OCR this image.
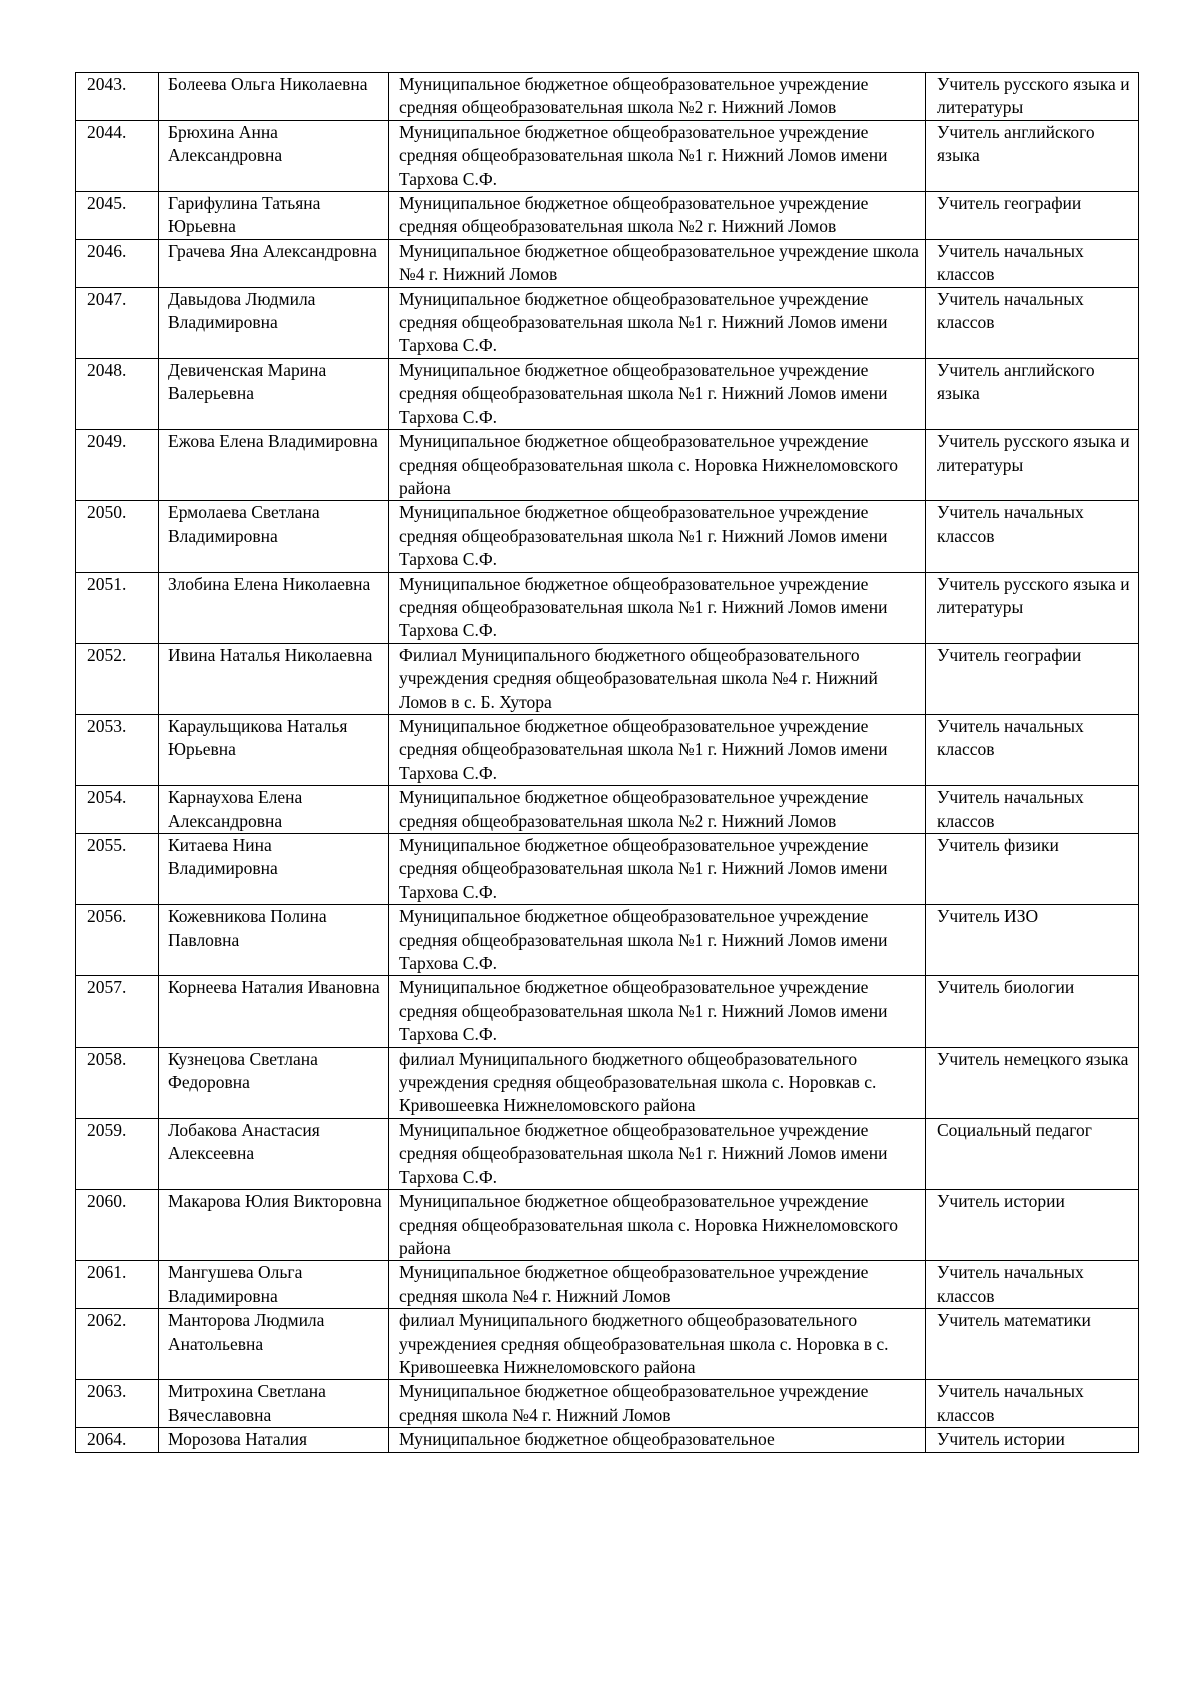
2043.	Болеева Ольга Николаевна	Муниципальное бюджетное общеобразовательное учреждение средняя общеобразовательная школа №2 г. Нижний Ломов	Учитель русского языка и литературы
2044.	Брюхина Анна Александровна	Муниципальное бюджетное общеобразовательное учреждение средняя общеобразовательная школа №1 г. Нижний Ломов имени Тархова С.Ф.	Учитель английского языка
2045.	Гарифулина Татьяна Юрьевна	Муниципальное бюджетное общеобразовательное учреждение средняя общеобразовательная школа №2 г. Нижний Ломов	Учитель географии
2046.	Грачева Яна Александровна	Муниципальное бюджетное общеобразовательное учреждение школа №4 г. Нижний Ломов	Учитель начальных классов
2047.	Давыдова Людмила Владимировна	Муниципальное бюджетное общеобразовательное учреждение средняя общеобразовательная школа №1 г. Нижний Ломов имени Тархова С.Ф.	Учитель начальных классов
2048.	Девиченская Марина Валерьевна	Муниципальное бюджетное общеобразовательное учреждение средняя общеобразовательная школа №1 г. Нижний Ломов имени Тархова С.Ф.	Учитель английского языка
2049.	Ежова Елена Владимировна	Муниципальное бюджетное общеобразовательное учреждение средняя общеобразовательная школа с. Норовка Нижнеломовского района	Учитель русского языка и литературы
2050.	Ермолаева Светлана Владимировна	Муниципальное бюджетное общеобразовательное учреждение средняя общеобразовательная школа №1 г. Нижний Ломов имени Тархова С.Ф.	Учитель начальных классов
2051.	Злобина Елена Николаевна	Муниципальное бюджетное общеобразовательное учреждение средняя общеобразовательная школа №1 г. Нижний Ломов имени Тархова С.Ф.	Учитель русского языка и литературы
2052.	Ивина Наталья Николаевна	Филиал Муниципального бюджетного общеобразовательного учреждения средняя общеобразовательная школа №4 г. Нижний Ломов в с. Б. Хутора	Учитель географии
2053.	Караульщикова Наталья Юрьевна	Муниципальное бюджетное общеобразовательное учреждение средняя общеобразовательная школа №1 г. Нижний Ломов имени Тархова С.Ф.	Учитель начальных классов
2054.	Карнаухова Елена Александровна	Муниципальное бюджетное общеобразовательное учреждение средняя общеобразовательная школа №2 г. Нижний Ломов	Учитель начальных классов
2055.	Китаева Нина Владимировна	Муниципальное бюджетное общеобразовательное учреждение средняя общеобразовательная школа №1 г. Нижний Ломов имени Тархова С.Ф.	Учитель физики
2056.	Кожевникова Полина Павловна	Муниципальное бюджетное общеобразовательное учреждение средняя общеобразовательная школа №1 г. Нижний Ломов имени Тархова С.Ф.	Учитель ИЗО
2057.	Корнеева Наталия Ивановна	Муниципальное бюджетное общеобразовательное учреждение средняя общеобразовательная школа №1 г. Нижний Ломов имени Тархова С.Ф.	Учитель биологии
2058.	Кузнецова Светлана Федоровна	филиал Муниципального бюджетного общеобразовательного учреждения средняя общеобразовательная школа с. Норовкав с. Кривошеевка Нижнеломовского района	Учитель немецкого языка
2059.	Лобакова Анастасия Алексеевна	Муниципальное бюджетное общеобразовательное учреждение средняя общеобразовательная школа №1 г. Нижний Ломов имени Тархова С.Ф.	Социальный педагог
2060.	Макарова Юлия Викторовна	Муниципальное бюджетное общеобразовательное учреждение средняя общеобразовательная школа с. Норовка Нижнеломовского района	Учитель истории
2061.	Мангушева Ольга Владимировна	Муниципальное бюджетное общеобразовательное учреждение средняя школа №4 г. Нижний Ломов	Учитель начальных классов
2062.	Манторова Людмила Анатольевна	филиал Муниципального бюджетного общеобразовательного учреждениея средняя общеобразовательная школа с. Норовка в с. Кривошеевка Нижнеломовского района	Учитель математики
2063.	Митрохина Светлана Вячеславовна	Муниципальное бюджетное общеобразовательное учреждение средняя школа №4 г. Нижний Ломов	Учитель начальных классов
2064.	Морозова Наталия	Муниципальное бюджетное общеобразовательное	Учитель истории
